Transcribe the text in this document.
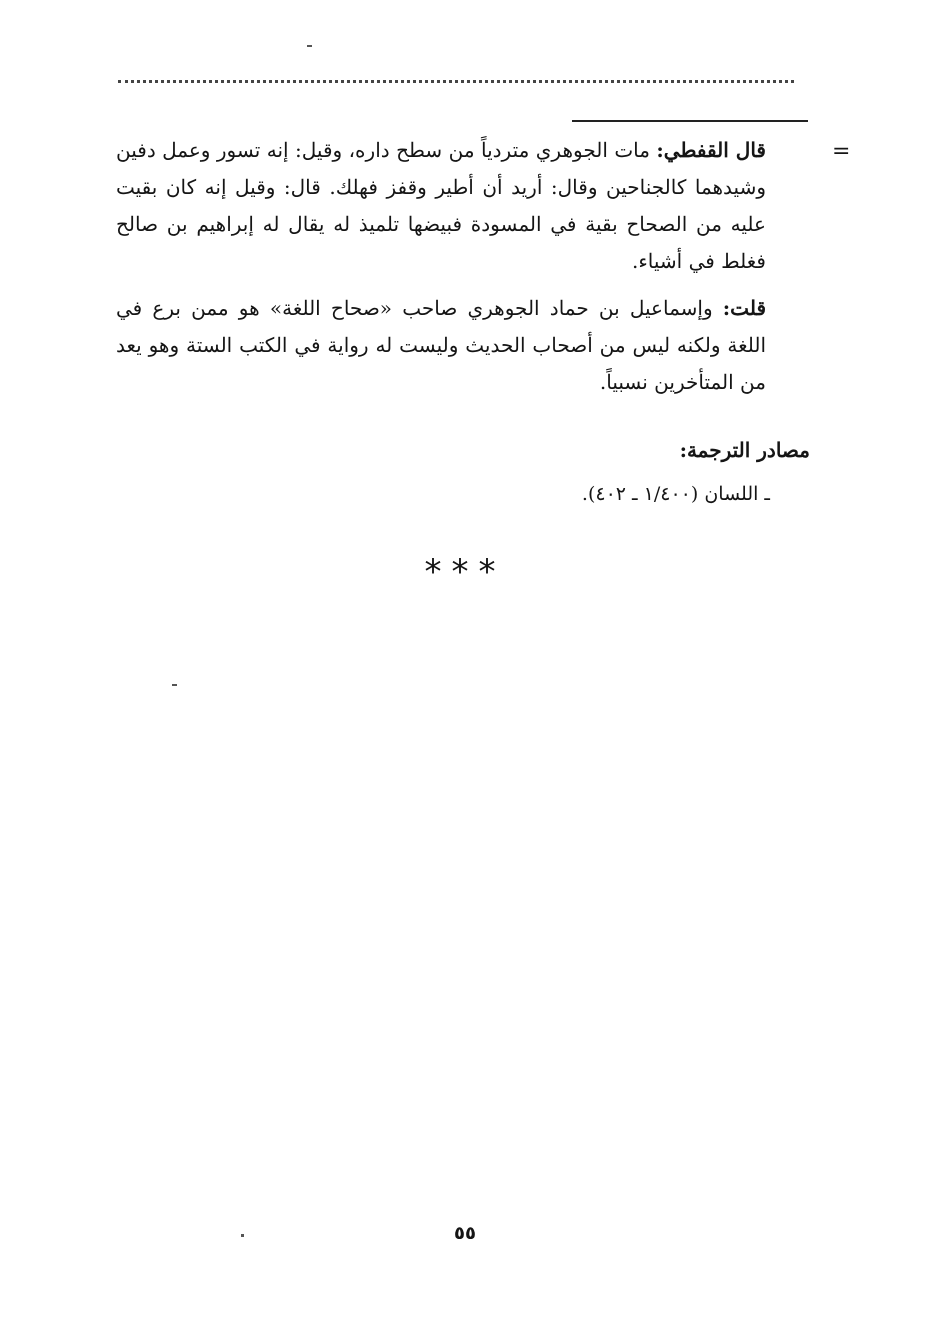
=
قال القفطي: مات الجوهري متردياً من سطح داره، وقيل: إنه تسور وعمل دفين وشيدهما كالجناحين وقال: أريد أن أطير وقفز فهلك. قال: وقيل إنه كان بقيت عليه من الصحاح بقية في المسودة فبيضها تلميذ له يقال له إبراهيم بن صالح فغلط في أشياء.
قلت: وإسماعيل بن حماد الجوهري صاحب «صحاح اللغة» هو ممن برع في اللغة ولكنه ليس من أصحاب الحديث وليست له رواية في الكتب الستة وهو يعد من المتأخرين نسبياً.
مصادر الترجمة:
ـ اللسان (١/٤٠٠ ـ ٤٠٢).
***
٥٥
